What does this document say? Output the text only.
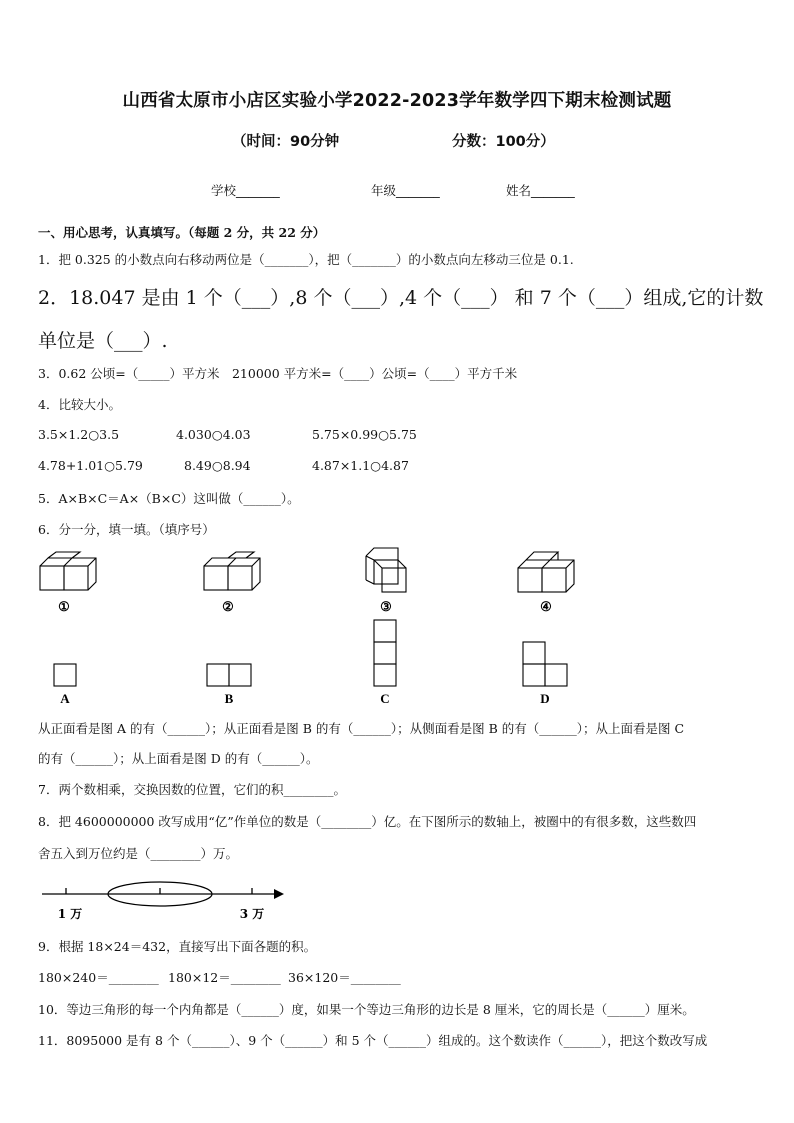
山西省太原市小店区实验小学2022-2023学年数学四下期末检测试题
（时间：90分钟	分数：100分）
学校_______	年级_______	姓名_______
一、用心思考，认真填写。（每题 2 分，共 22 分）
1．把 0.325 的小数点向右移动两位是（_______），把（_______）的小数点向左移动三位是 0.1.
2．18.047 是由 1 个（___）,8 个（___）,4 个（___） 和 7 个（___）组成,它的计数
单位是（___）.
3．0.62 公顷=（_____）平方米　210000 平方米=（____）公顷=（____）平方千米
4．比较大小。
3.5×1.2○3.5	4.030○4.03	5.75×0.99○5.75
4.78+1.01○5.79	8.49○8.94	4.87×1.1○4.87
5．A×B×C＝A×（B×C）这叫做（______）。
6．分一分，填一填。（填序号）
①	②	③	④
A	B	C	D
从正面看是图 A 的有（______）；从正面看是图 B 的有（______）；从侧面看是图 B 的有（______）；从上面看是图 C
的有（______）；从上面看是图 D 的有（______）。
7．两个数相乘，交换因数的位置，它们的积________。
8．把 4600000000 改写成用“亿”作单位的数是（________）亿。在下图所示的数轴上，被圈中的有很多数，这些数四
舍五入到万位约是（________）万。
1 万	3 万
9．根据 18×24＝432，直接写出下面各题的积。
180×240＝________ 180×12＝________ 36×120＝________
10．等边三角形的每一个内角都是（______）度，如果一个等边三角形的边长是 8 厘米，它的周长是（______）厘米。
11．8095000 是有 8 个（______）、9 个（______）和 5 个（______）组成的。这个数读作（______），把这个数改写成
